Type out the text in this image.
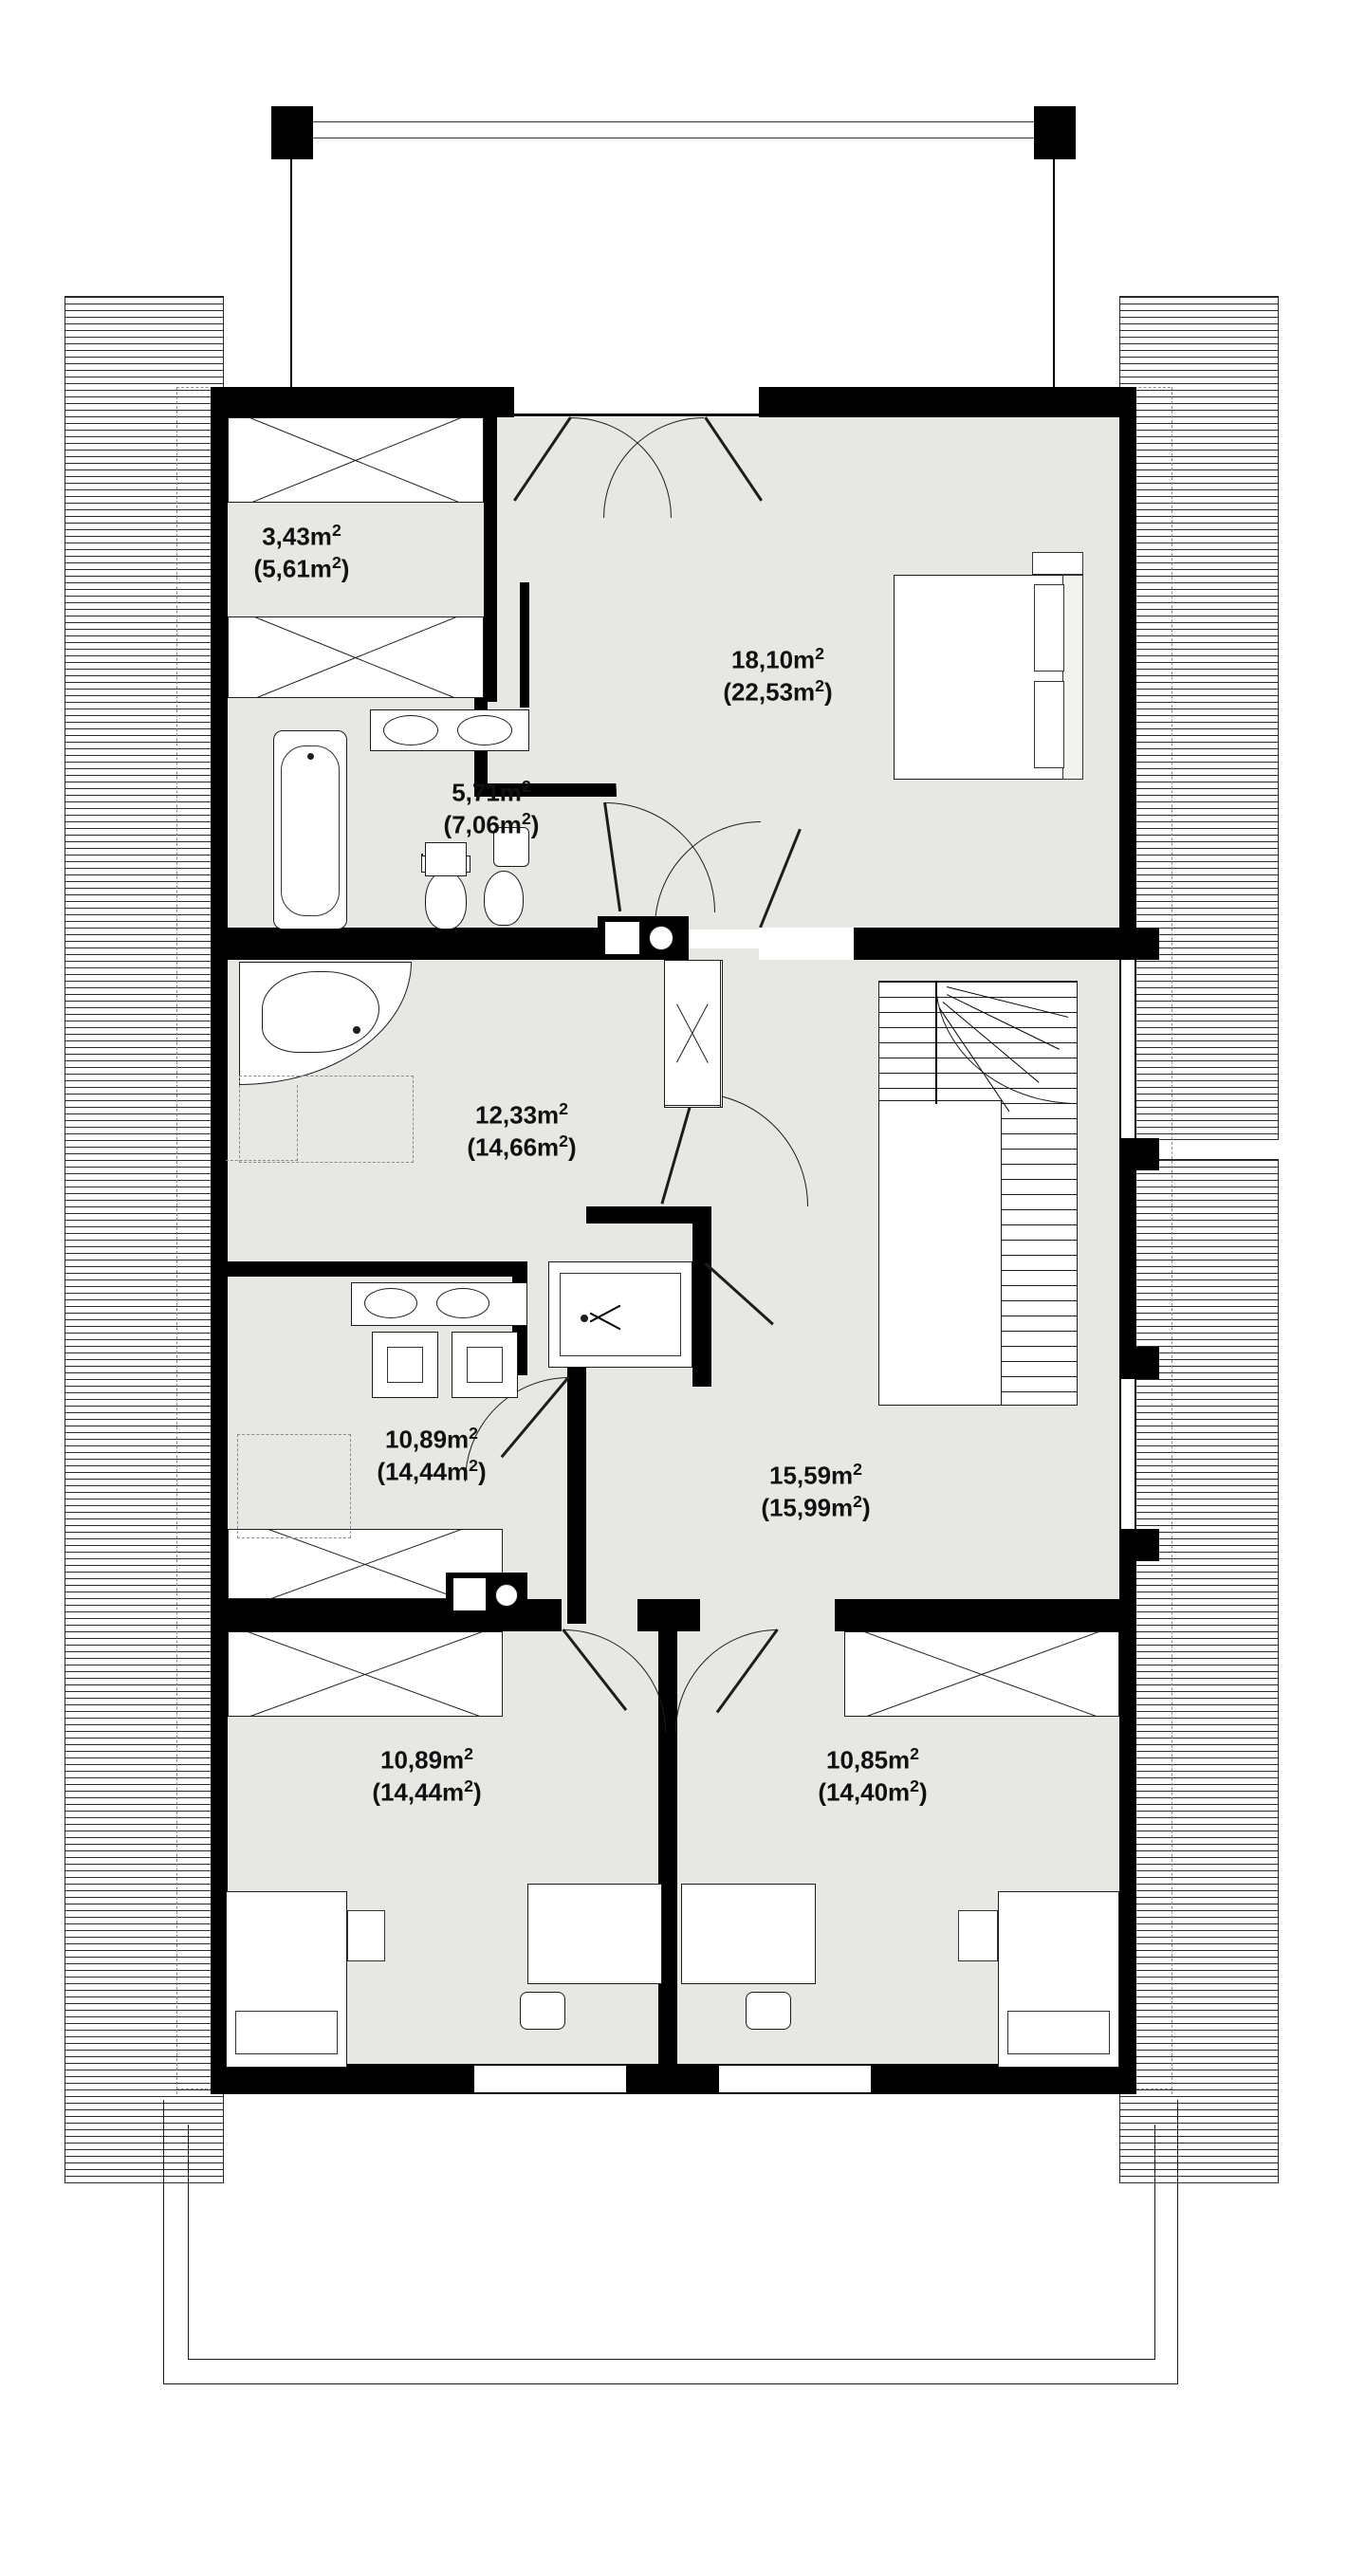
$3,43m^2$
$(5,61m^2)$
$18,10m^2$
$(22,53m^2)$
$5,71m^2$
$(7,06m^2)$
$12,33m^2$
$(14,66m^2)$
$10,89m^2$
$(14,44m^2)$	$15,59m^2$
$(15,99m^2)$
$10,89m^2$
$(14,44m^2)$
$10,85m^2$
$(14,40m^2)$
